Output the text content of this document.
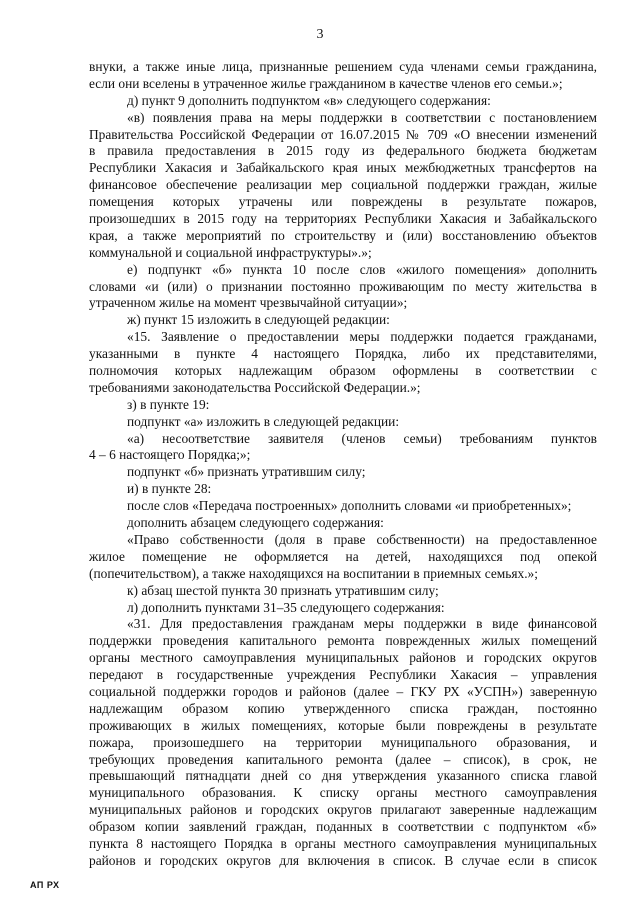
3
внуки, а также иные лица, признанные решением суда членами семьи гражданина,
если они вселены в утраченное жилье гражданином в качестве членов его семьи.»;
д) пункт 9 дополнить подпунктом «в» следующего содержания:
«в) появления права на меры поддержки в соответствии с постановлением
Правительства Российской Федерации от 16.07.2015 № 709 «О внесении изменений
в правила предоставления в 2015 году из федерального бюджета бюджетам
Республики Хакасия и Забайкальского края иных межбюджетных трансфертов на
финансовое обеспечение реализации мер социальной поддержки граждан, жилые
помещения которых утрачены или повреждены в результате пожаров,
произошедших в 2015 году на территориях Республики Хакасия и Забайкальского
края, а также мероприятий по строительству и (или) восстановлению объектов
коммунальной и социальной инфраструктуры».»;
е) подпункт «б» пункта 10 после слов «жилого помещения» дополнить
словами «и (или) о признании постоянно проживающим по месту жительства в
утраченном жилье на момент чрезвычайной ситуации»;
ж) пункт 15 изложить в следующей редакции:
«15. Заявление о предоставлении меры поддержки подается гражданами,
указанными в пункте 4 настоящего Порядка, либо их представителями,
полномочия которых надлежащим образом оформлены в соответствии с
требованиями законодательства Российской Федерации.»;
з) в пункте 19:
подпункт «а» изложить в следующей редакции:
«а) несоответствие заявителя (членов семьи) требованиям пунктов
4 – 6 настоящего Порядка;»;
подпункт «б» признать утратившим силу;
и) в пункте 28:
после слов «Передача построенных» дополнить словами «и приобретенных»;
дополнить абзацем следующего содержания:
«Право собственности (доля в праве собственности) на предоставленное
жилое помещение не оформляется на детей, находящихся под опекой
(попечительством), а также находящихся на воспитании в приемных семьях.»;
к) абзац шестой пункта 30 признать утратившим силу;
л) дополнить пунктами 31–35 следующего содержания:
«31. Для предоставления гражданам меры поддержки в виде финансовой
поддержки проведения капитального ремонта поврежденных жилых помещений
органы местного самоуправления муниципальных районов и городских округов
передают в государственные учреждения Республики Хакасия – управления
социальной поддержки городов и районов (далее – ГКУ РХ «УСПН») заверенную
надлежащим образом копию утвержденного списка граждан, постоянно
проживающих в жилых помещениях, которые были повреждены в результате
пожара, произошедшего на территории муниципального образования, и
требующих проведения капитального ремонта (далее – список), в срок, не
превышающий пятнадцати дней со дня утверждения указанного списка главой
муниципального образования. К списку органы местного самоуправления
муниципальных районов и городских округов прилагают заверенные надлежащим
образом копии заявлений граждан, поданных в соответствии с подпунктом «б»
пункта 8 настоящего Порядка в органы местного самоуправления муниципальных
районов и городских округов для включения в список. В случае если в список
АП РХ
